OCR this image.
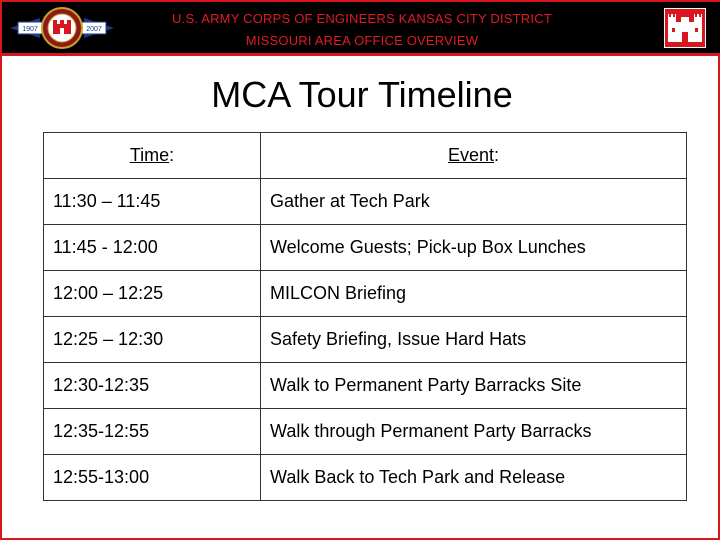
1907	2007
U.S. ARMY CORPS OF ENGINEERS KANSAS CITY DISTRICT
MISSOURI AREA OFFICE OVERVIEW
MCA Tour Timeline
Time:	Event:
11:30 – 11:45	Gather at Tech Park
11:45 - 12:00	Welcome Guests; Pick-up Box Lunches
12:00 – 12:25	MILCON Briefing
12:25 – 12:30	Safety Briefing, Issue Hard Hats
12:30-12:35	Walk to Permanent Party Barracks Site
12:35-12:55	Walk through Permanent Party Barracks
12:55-13:00	Walk Back to Tech Park and Release
